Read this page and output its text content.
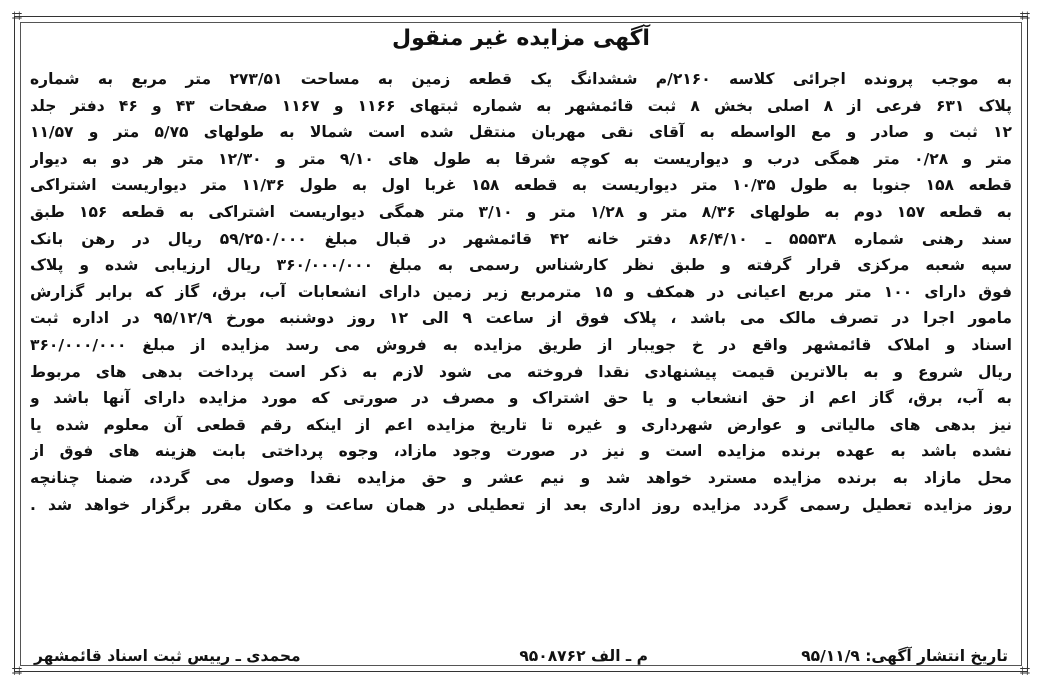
⌗	⌗
⌗	⌗
آگهی مزایده غیر منقول
به موجب پرونده اجرائی کلاسه ۲۱۶۰/م ششدانگ یک قطعه زمین به مساحت ۲۷۳/۵۱ متر مربع به شماره
پلاک ۶۳۱ فرعی از ۸ اصلی بخش ۸ ثبت قائمشهر به شماره ثبتهای ۱۱۶۶ و ۱۱۶۷ صفحات ۴۳ و ۴۶ دفتر جلد
۱۲ ثبت و صادر و مع الواسطه به آقای نقی مهربان منتقل شده است شمالا به طولهای ۵/۷۵ متر و ۱۱/۵۷
متر و ۰/۲۸ متر همگی درب و دیواریست به کوچه شرقا به طول های ۹/۱۰ متر و ۱۲/۳۰ متر هر دو به دیوار
قطعه ۱۵۸ جنوبا به طول ۱۰/۳۵ متر دیواریست به قطعه ۱۵۸ غربا اول به طول ۱۱/۳۶ متر دیواریست اشتراکی
به قطعه ۱۵۷ دوم به طولهای ۸/۳۶ متر و ۱/۲۸ متر و ۳/۱۰ متر همگی دیواریست اشتراکی به قطعه ۱۵۶ طبق
سند رهنی شماره ۵۵۵۳۸ ـ ۸۶/۴/۱۰ دفتر خانه ۴۲ قائمشهر در قبال مبلغ ۵۹/۲۵۰/۰۰۰ ریال در رهن بانک
سپه شعبه مرکزی قرار گرفته و طبق نظر کارشناس رسمی به مبلغ ۳۶۰/۰۰۰/۰۰۰ ریال ارزیابی شده و پلاک
فوق دارای ۱۰۰ متر مربع اعیانی در همکف و ۱۵ مترمربع زیر زمین دارای انشعابات آب، برق، گاز که برابر گزارش
مامور اجرا در تصرف مالک می باشد ، پلاک فوق از ساعت ۹ الی ۱۲ روز دوشنبه مورخ ۹۵/۱۲/۹ در اداره ثبت
اسناد و املاک قائمشهر واقع در خ جویبار از طریق مزایده به فروش می رسد مزایده از مبلغ ۳۶۰/۰۰۰/۰۰۰
ریال شروع و به بالاترین قیمت پیشنهادی نقدا فروخته می شود لازم به ذکر است پرداخت بدهی های مربوط
به آب، برق، گاز اعم از حق انشعاب و یا حق اشتراک و مصرف در صورتی که مورد مزایده دارای آنها باشد و
نیز بدهی های مالیاتی و عوارض شهرداری و غیره تا تاریخ مزایده اعم از اینکه رقم قطعی آن معلوم شده یا
نشده باشد به عهده برنده مزایده است و نیز در صورت وجود مازاد، وجوه پرداختی بابت هزینه های فوق از
محل مازاد به برنده مزایده مسترد خواهد شد و نیم عشر و حق مزایده نقدا وصول می گردد، ضمنا چنانچه
روز مزایده تعطیل رسمی گردد مزایده روز اداری بعد از تعطیلی در همان ساعت و مکان مقرر برگزار خواهد شد .
تاریخ انتشار آگهی: ۹۵/۱۱/۹
م ـ الف ۹۵۰۸۷۶۲
محمدی ـ رییس ثبت اسناد قائمشهر
